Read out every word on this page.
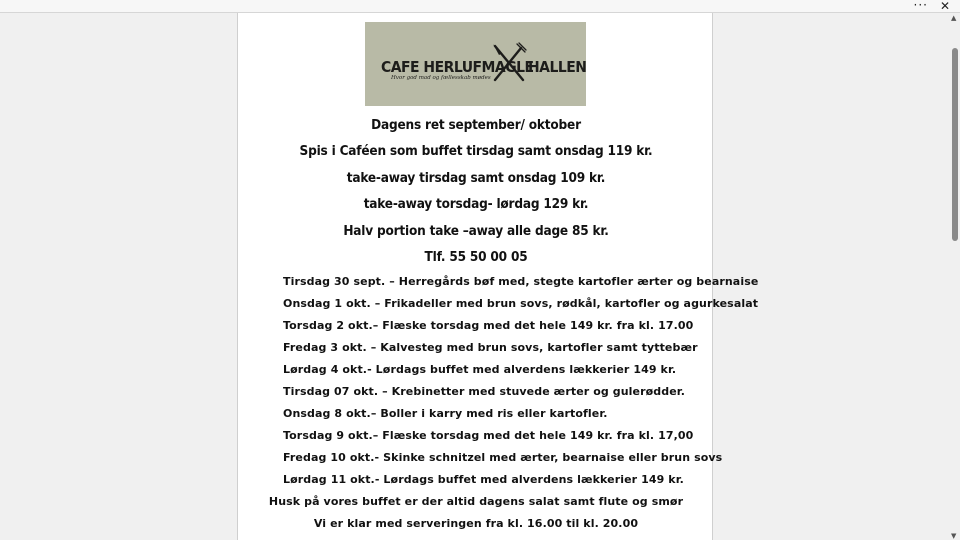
··· ✕
CAFE HERLUFMAGLE
HALLEN
Hvor god mad og fællesskab mødes
Dagens ret september/ oktober
Spis i Caféen som buffet tirsdag samt onsdag 119 kr.
take-away tirsdag samt onsdag 109 kr.
take-away torsdag- lørdag 129 kr.
Halv portion take –away alle dage 85 kr.
Tlf. 55 50 00 05
Tirsdag 30 sept. – Herregårds bøf med, stegte kartofler ærter og bearnaise
Onsdag 1 okt. – Frikadeller med brun sovs, rødkål, kartofler og agurkesalat
Torsdag 2 okt.– Flæske torsdag med det hele 149 kr. fra kl. 17.00
Fredag 3 okt. – Kalvesteg med brun sovs, kartofler samt tyttebær
Lørdag 4 okt.- Lørdags buffet med alverdens lækkerier 149 kr.
Tirsdag 07 okt. – Krebinetter med stuvede ærter og gulerødder.
Onsdag 8 okt.– Boller i karry med ris eller kartofler.
Torsdag 9 okt.– Flæske torsdag med det hele 149 kr. fra kl. 17,00
Fredag 10 okt.- Skinke schnitzel med ærter, bearnaise eller brun sovs
Lørdag 11 okt.- Lørdags buffet med alverdens lækkerier 149 kr.
Husk på vores buffet er der altid dagens salat samt flute og smør
Vi er klar med serveringen fra kl. 16.00 til kl. 20.00
▲
▼
